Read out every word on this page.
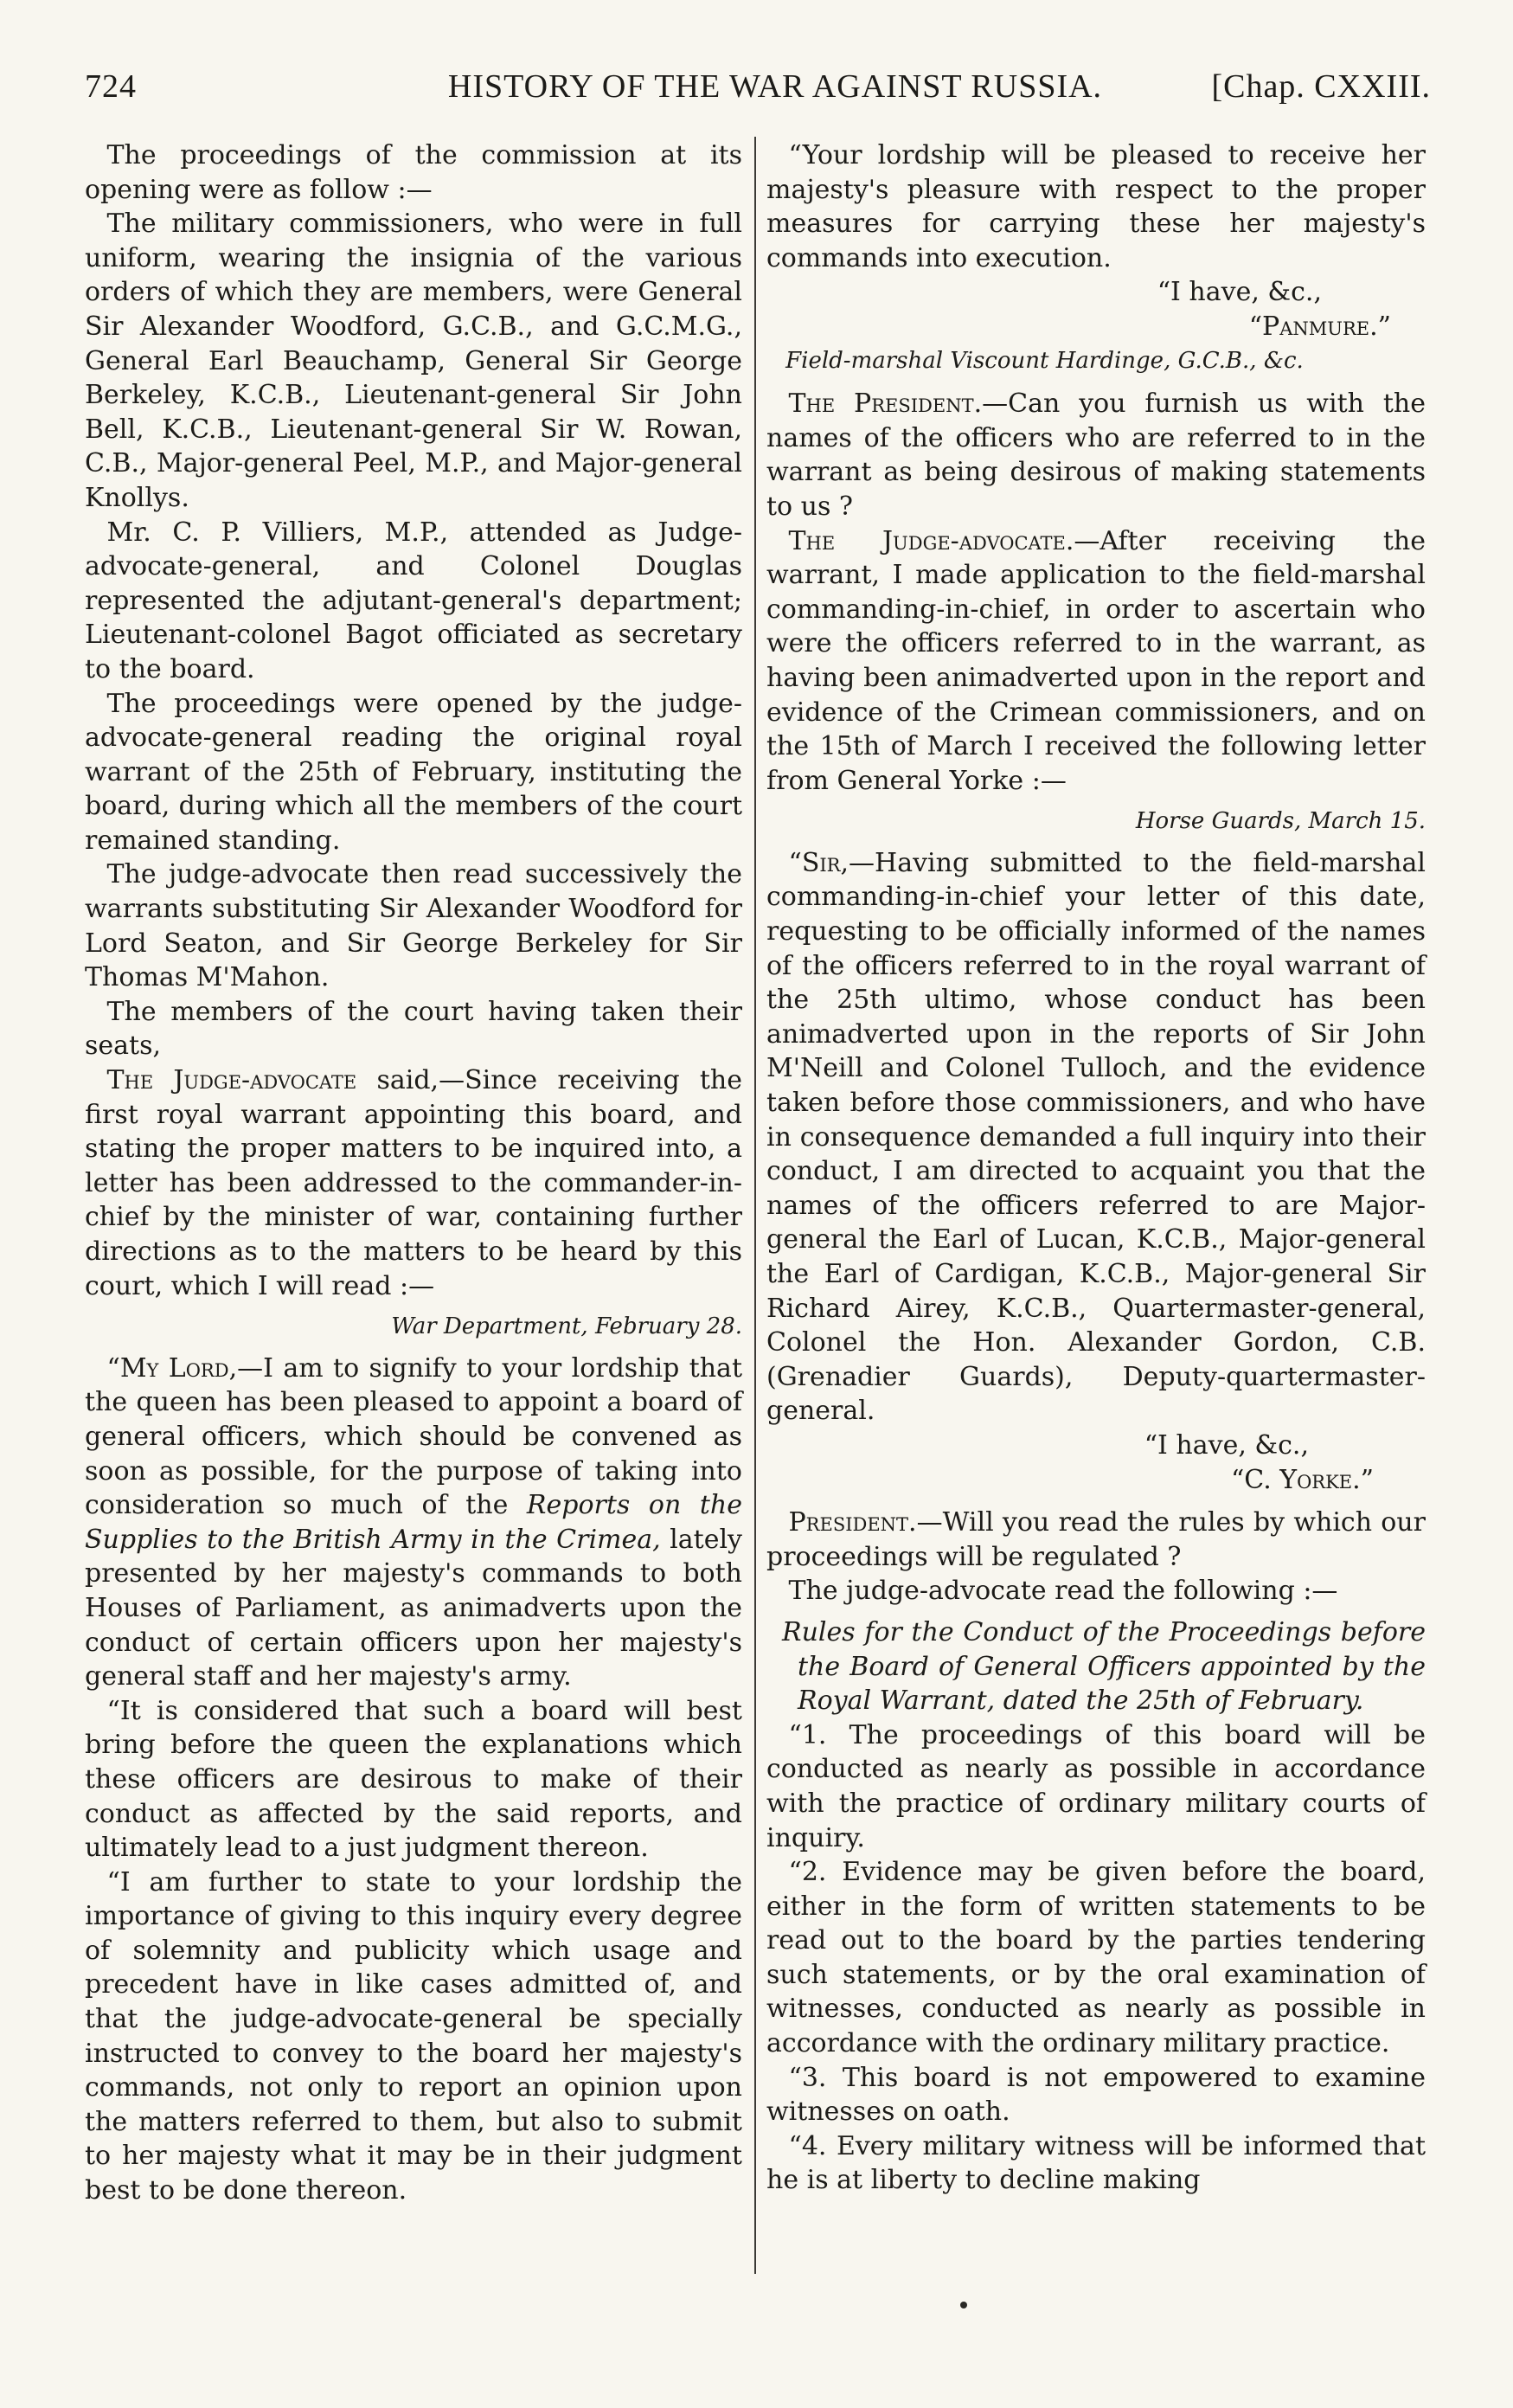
724	HISTORY OF THE WAR AGAINST RUSSIA.	[Chap. CXXIII.

The proceedings of the commission at its opening were as follow :—

The military commissioners, who were in full uniform, wearing the insignia of the various orders of which they are members, were General Sir Alexander Woodford, G.C.B., and G.C.M.G., General Earl Beauchamp, General Sir George Berkeley, K.C.B., Lieutenant-general Sir John Bell, K.C.B., Lieutenant-general Sir W. Rowan, C.B., Major-general Peel, M.P., and Major-general Knollys.

Mr. C. P. Villiers, M.P., attended as Judge-advocate-general, and Colonel Douglas represented the adjutant-general's department; Lieutenant-colonel Bagot officiated as secretary to the board.

The proceedings were opened by the judge-advocate-general reading the original royal warrant of the 25th of February, instituting the board, during which all the members of the court remained standing.

The judge-advocate then read successively the warrants substituting Sir Alexander Woodford for Lord Seaton, and Sir George Berkeley for Sir Thomas M'Mahon.

The members of the court having taken their seats,

The Judge-advocate said,—Since receiving the first royal warrant appointing this board, and stating the proper matters to be inquired into, a letter has been addressed to the commander-in-chief by the minister of war, containing further directions as to the matters to be heard by this court, which I will read :—

War Department, February 28.

“My Lord,—I am to signify to your lordship that the queen has been pleased to appoint a board of general officers, which should be convened as soon as possible, for the purpose of taking into consideration so much of the Reports on the Supplies to the British Army in the Crimea, lately presented by her majesty's commands to both Houses of Parliament, as animadverts upon the conduct of certain officers upon her majesty's general staff and her majesty's army.

“It is considered that such a board will best bring before the queen the explanations which these officers are desirous to make of their conduct as affected by the said reports, and ultimately lead to a just judgment thereon.

“I am further to state to your lordship the importance of giving to this inquiry every degree of solemnity and publicity which usage and precedent have in like cases admitted of, and that the judge-advocate-general be specially instructed to convey to the board her majesty's commands, not only to report an opinion upon the matters referred to them, but also to submit to her majesty what it may be in their judgment best to be done thereon.

“Your lordship will be pleased to receive her majesty's pleasure with respect to the proper measures for carrying these her majesty's commands into execution.

“I have, &c.,

“Panmure.”

Field-marshal Viscount Hardinge, G.C.B., &c.

The President.—Can you furnish us with the names of the officers who are referred to in the warrant as being desirous of making statements to us ?

The Judge-advocate.—After receiving the warrant, I made application to the field-marshal commanding-in-chief, in order to ascertain who were the officers referred to in the warrant, as having been animadverted upon in the report and evidence of the Crimean commissioners, and on the 15th of March I received the following letter from General Yorke :—

Horse Guards, March 15.

“Sir,—Having submitted to the field-marshal commanding-in-chief your letter of this date, requesting to be officially informed of the names of the officers referred to in the royal warrant of the 25th ultimo, whose conduct has been animadverted upon in the reports of Sir John M'Neill and Colonel Tulloch, and the evidence taken before those commissioners, and who have in consequence demanded a full inquiry into their conduct, I am directed to acquaint you that the names of the officers referred to are Major-general the Earl of Lucan, K.C.B., Major-general the Earl of Cardigan, K.C.B., Major-general Sir Richard Airey, K.C.B., Quartermaster-general, Colonel the Hon. Alexander Gordon, C.B. (Grenadier Guards), Deputy-quartermaster-general.

“I have, &c.,

“C. Yorke.”

President.—Will you read the rules by which our proceedings will be regulated ?

The judge-advocate read the following :—

Rules for the Conduct of the Proceedings before the Board of General Officers appointed by the Royal Warrant, dated the 25th of February.

“1. The proceedings of this board will be conducted as nearly as possible in accordance with the practice of ordinary military courts of inquiry.

“2. Evidence may be given before the board, either in the form of written statements to be read out to the board by the parties tendering such statements, or by the oral examination of witnesses, conducted as nearly as possible in accordance with the ordinary military practice.

“3. This board is not empowered to examine witnesses on oath.

“4. Every military witness will be informed that he is at liberty to decline making
